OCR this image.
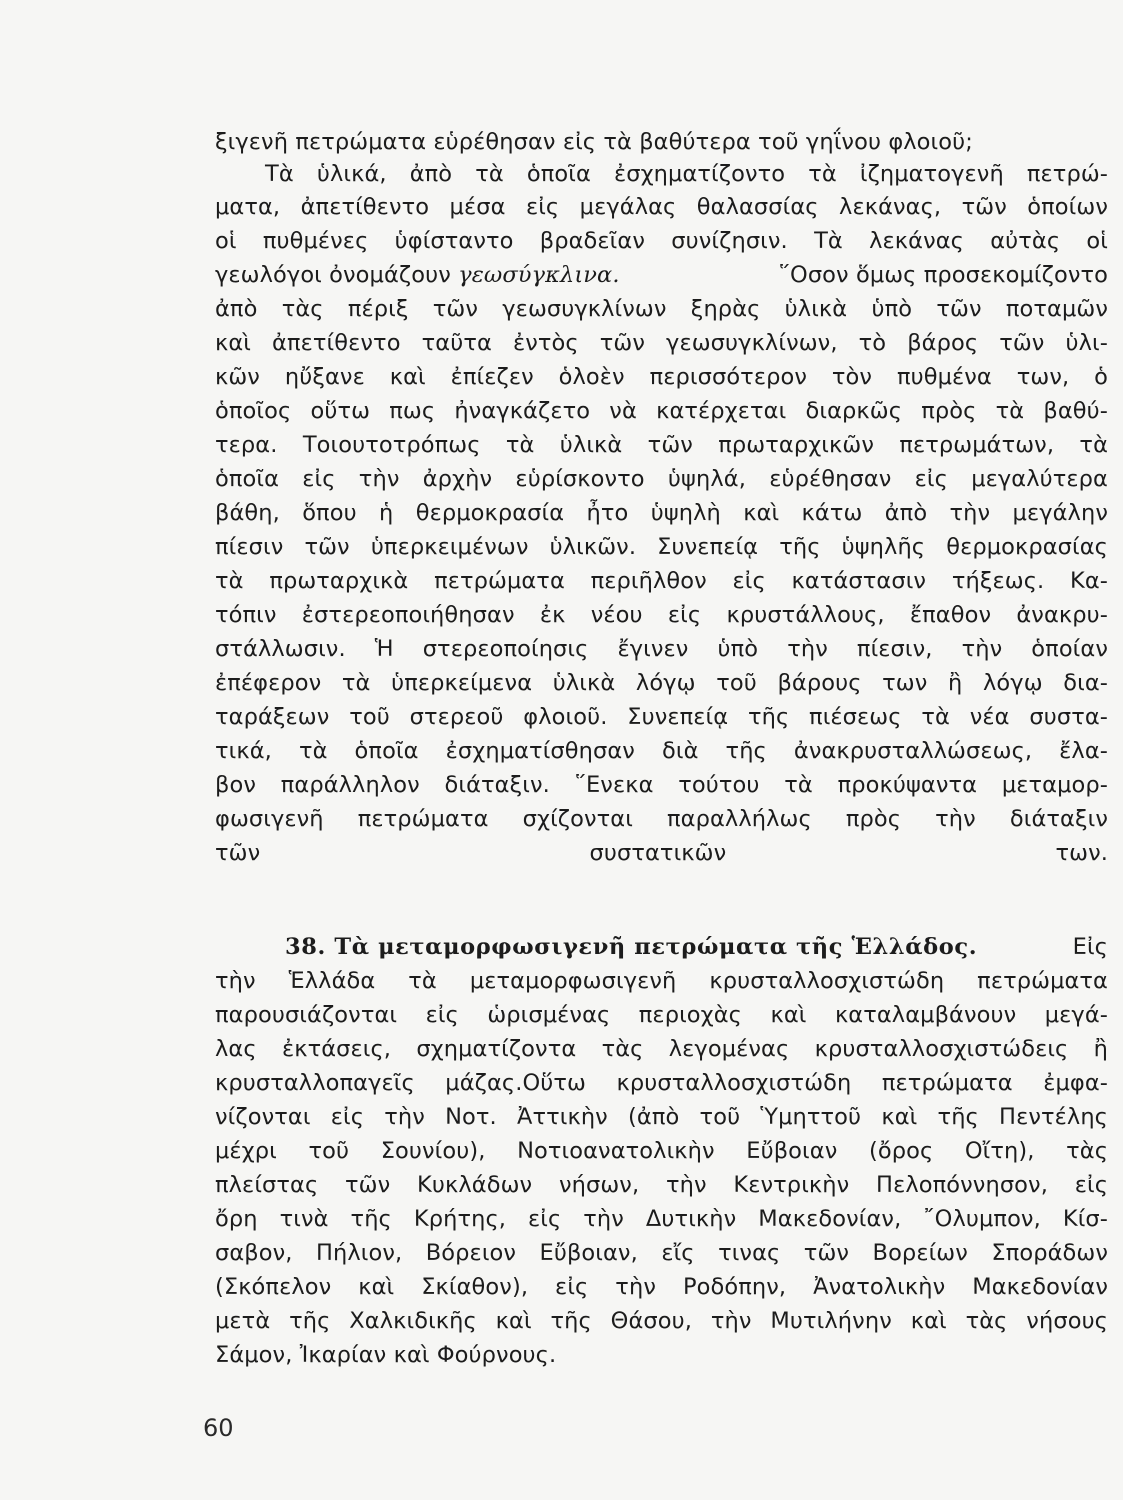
ξιγενῆ πετρώματα εὑρέθησαν εἰς τὰ βαθύτερα τοῦ γηΐνου φλοιοῦ;
Τὰ ὑλικά, ἀπὸ τὰ ὁποῖα ἐσχηματίζοντο τὰ ἰζηματογενῆ πετρώ-
ματα, ἀπετίθεντο μέσα εἰς μεγάλας θαλασσίας λεκάνας, τῶν ὁποίων
οἱ πυθμένες ὑφίσταντο βραδεῖαν συνίζησιν. Τὰ λεκάνας αὐτὰς οἱ
γεωλόγοι ὀνομάζουν γεωσύγκλινα.	῞Οσον ὅμως προσεκομίζοντο
ἀπὸ τὰς πέριξ τῶν γεωσυγκλίνων ξηρὰς ὑλικὰ ὑπὸ τῶν ποταμῶν
καὶ ἀπετίθεντο ταῦτα ἐντὸς τῶν γεωσυγκλίνων, τὸ βάρος τῶν ὑλι-
κῶν ηὔξανε καὶ ἐπίεζεν ὁλοὲν περισσότερον τὸν πυθμένα των, ὁ
ὁποῖος οὕτω πως ἠναγκάζετο νὰ κατέρχεται διαρκῶς πρὸς τὰ βαθύ-
τερα. Τοιουτοτρόπως τὰ ὑλικὰ τῶν πρωταρχικῶν πετρωμάτων, τὰ
ὁποῖα εἰς τὴν ἀρχὴν εὑρίσκοντο ὑψηλά, εὑρέθησαν εἰς μεγαλύτερα
βάθη, ὅπου ἡ θερμοκρασία ἦτο ὑψηλὴ καὶ κάτω ἀπὸ τὴν μεγάλην
πίεσιν τῶν ὑπερκειμένων ὑλικῶν. Συνεπείᾳ τῆς ὑψηλῆς θερμοκρασίας
τὰ πρωταρχικὰ πετρώματα περιῆλθον εἰς κατάστασιν τήξεως. Κα-
τόπιν ἐστερεοποιήθησαν ἐκ νέου εἰς κρυστάλλους, ἔπαθον ἀνακρυ-
στάλλωσιν. Ἡ στερεοποίησις ἔγινεν ὑπὸ τὴν πίεσιν, τὴν ὁποίαν
ἐπέφερον τὰ ὑπερκείμενα ὑλικὰ λόγῳ τοῦ βάρους των ἢ λόγῳ δια-
ταράξεων τοῦ στερεοῦ φλοιοῦ. Συνεπείᾳ τῆς πιέσεως τὰ νέα συστα-
τικά, τὰ ὁποῖα ἐσχηματίσθησαν διὰ τῆς ἀνακρυσταλλώσεως, ἔλα-
βον παράλληλον διάταξιν. ῞Ενεκα τούτου τὰ προκύψαντα μεταμορ-
φωσιγενῆ πετρώματα σχίζονται παραλλήλως πρὸς τὴν διάταξιν
τῶν συστατικῶν των.
38. Τὰ μεταμορφωσιγενῆ πετρώματα τῆς Ἑλλάδος.	Εἰς
τὴν Ἑλλάδα τὰ μεταμορφωσιγενῆ κρυσταλλοσχιστώδη πετρώματα
παρουσιάζονται εἰς ὡρισμένας περιοχὰς καὶ καταλαμβάνουν μεγά-
λας ἐκτάσεις, σχηματίζοντα τὰς λεγομένας κρυσταλλοσχιστώδεις ἢ
κρυσταλλοπαγεῖς μάζας.Οὕτω κρυσταλλοσχιστώδη πετρώματα ἐμφα-
νίζονται εἰς τὴν Νοτ. Ἀττικὴν (ἀπὸ τοῦ Ὑμηττοῦ καὶ τῆς Πεντέλης
μέχρι τοῦ Σουνίου), Νοτιοανατολικὴν Εὔβοιαν (ὄρος Οἴτη), τὰς
πλείστας τῶν Κυκλάδων νήσων, τὴν Κεντρικὴν Πελοπόννησον, εἰς
ὄρη τινὰ τῆς Κρήτης, εἰς τὴν Δυτικὴν Μακεδονίαν, ῎Ολυμπον, Κίσ-
σαβον, Πήλιον, Βόρειον Εὔβοιαν, εἴς τινας τῶν Βορείων Σποράδων
(Σκόπελον καὶ Σκίαθον), εἰς τὴν Ροδόπην, Ἀνατολικὴν Μακεδονίαν
μετὰ τῆς Χαλκιδικῆς καὶ τῆς Θάσου, τὴν Μυτιλήνην καὶ τὰς νήσους
Σάμον, Ἰκαρίαν καὶ Φούρνους.
60
